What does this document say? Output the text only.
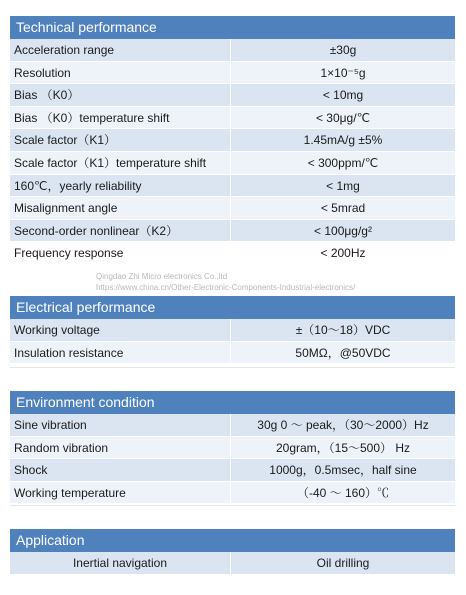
Technical performance
Acceleration range	±30g
Resolution	1×10⁻⁵g
Bias （K0）	< 10mg
Bias （K0）temperature shift	< 30μg/℃
Scale factor（K1）	1.45mA/g ±5%
Scale factor（K1）temperature shift	< 300ppm/℃
160℃，yearly reliability	< 1mg
Misalignment angle	< 5mrad
Second-order nonlinear（K2）	< 100μg/g²
Frequency response	< 200Hz
Qingdao Zhi Micro electronics Co.,ltd
https://www.china.cn/Other-Electronic-Components-Industrial-electronics/
Electrical performance
Working voltage	±（10～18）VDC
Insulation resistance	50MΩ，@50VDC
Environment condition
Sine vibration	30g 0 ～ peak，（30～2000）Hz
Random vibration	20gram，（15～500） Hz
Shock	1000g，0.5msec，half sine
Working temperature	（-40 ～ 160）℃
Application
Inertial navigation	Oil drilling
